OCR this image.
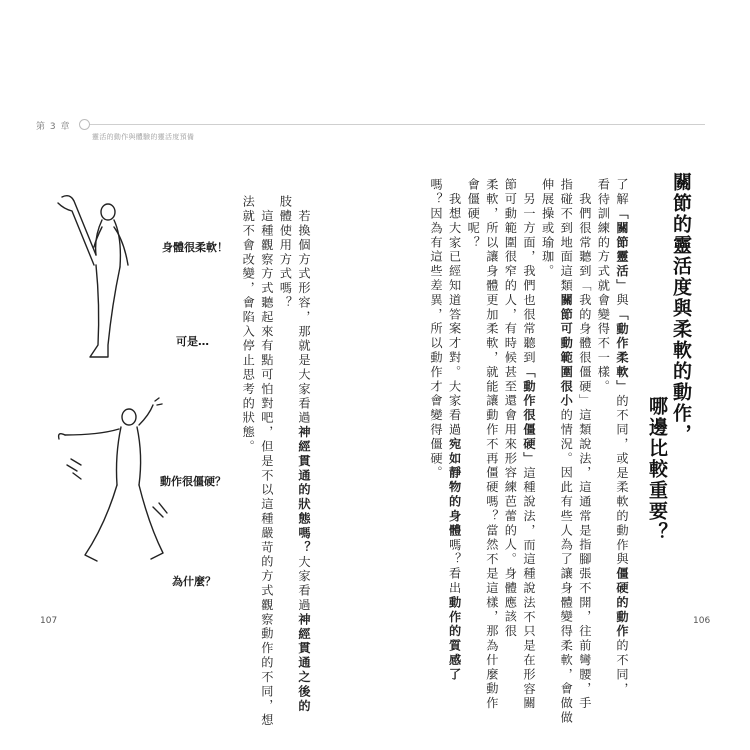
第 3 章
靈活的動作與體驗的靈活度預備
關節的靈活度與柔軟的動作，
哪邊比較重要？
了解「關節靈活」與「動作柔軟」的不同，或是柔軟的動作與僵硬的動作的不同，
看待訓練的方式就會變得不一樣。
　我們很常聽到「我的身體很僵硬」這類說法，這通常是指腳張不開，往前彎腰，手
指碰不到地面這類關節可動範圍很小的情況。因此有些人為了讓身體變得柔軟，會做做
伸展操或瑜珈。
　另一方面，我們也很常聽到「動作很僵硬」這種說法，而這種說法不只是在形容關
節可動範圍很窄的人，有時候甚至還會用來形容練芭蕾的人。身體應該很
柔軟，所以讓身體更加柔軟，就能讓動作不再僵硬嗎？當然不是這樣，那為什麼動作
會僵硬呢？
　我想大家已經知道答案才對。大家看過宛如靜物的身體嗎？看出動作的質感了
嗎？因為有這些差異，所以動作才會變得僵硬。
　若換個方式形容，那就是大家看過神經貫通的狀態嗎？大家看過神經貫通之後的
肢體使用方式嗎？
　這種觀察方式聽起來有點可怕對吧，但是不以這種嚴苛的方式觀察動作的不同，想
法就不會改變，會陷入停止思考的狀態。
身體很柔軟！
可是…
動作很僵硬？
為什麼？
107	106
